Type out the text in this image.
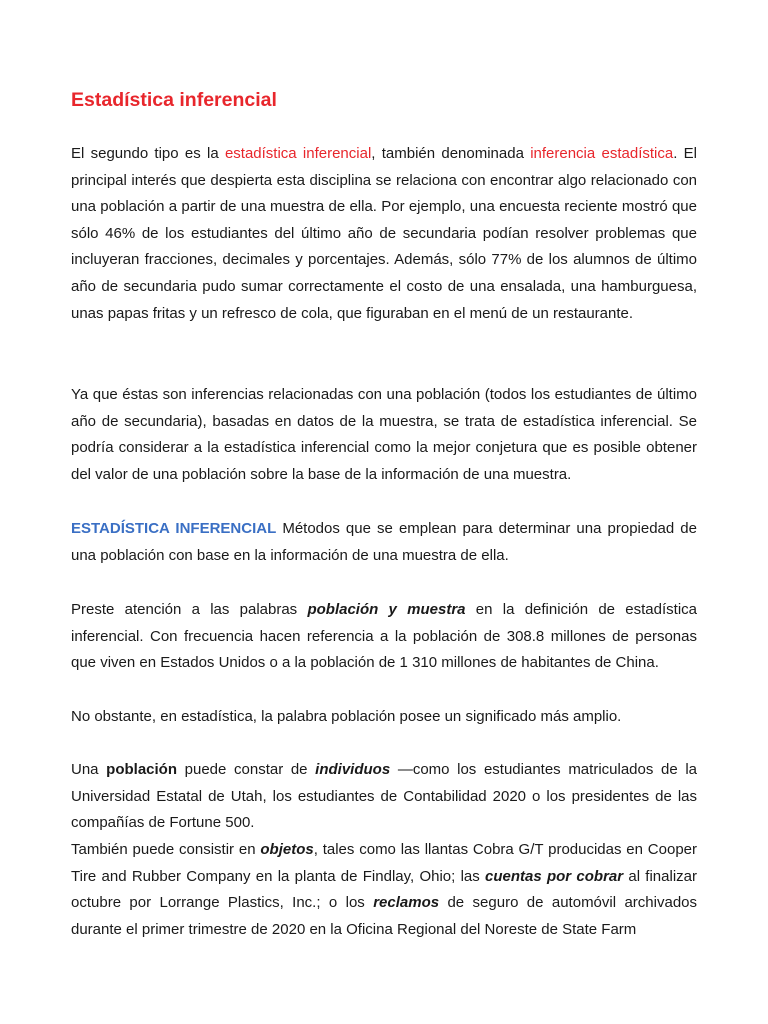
Estadística inferencial

El segundo tipo es la estadística inferencial, también denominada inferencia estadística. El principal interés que despierta esta disciplina se relaciona con encontrar algo relacionado con una población a partir de una muestra de ella. Por ejemplo, una encuesta reciente mostró que sólo 46% de los estudiantes del último año de secundaria podían resolver problemas que incluyeran fracciones, decimales y porcentajes. Además, sólo 77% de los alumnos de último año de secundaria pudo sumar correctamente el costo de una ensalada, una hamburguesa, unas papas fritas y un refresco de cola, que figuraban en el menú de un restaurante.

Ya que éstas son inferencias relacionadas con una población (todos los estudiantes de último año de secundaria), basadas en datos de la muestra, se trata de estadística inferencial. Se podría considerar a la estadística inferencial como la mejor conjetura que es posible obtener del valor de una población sobre la base de la información de una muestra.

ESTADÍSTICA INFERENCIAL Métodos que se emplean para determinar una propiedad de una población con base en la información de una muestra de ella.

Preste atención a las palabras población y muestra en la definición de estadística inferencial. Con frecuencia hacen referencia a la población de 308.8 millones de personas que viven en Estados Unidos o a la población de 1 310 millones de habitantes de China.

No obstante, en estadística, la palabra población posee un significado más amplio.

Una población puede constar de individuos —como los estudiantes matriculados de la Universidad Estatal de Utah, los estudiantes de Contabilidad 2020 o los presidentes de las compañías de Fortune 500.

También puede consistir en objetos, tales como las llantas Cobra G/T producidas en Cooper Tire and Rubber Company en la planta de Findlay, Ohio; las cuentas por cobrar al finalizar octubre por Lorrange Plastics, Inc.; o los reclamos de seguro de automóvil archivados durante el primer trimestre de 2020 en la Oficina Regional del Noreste de State Farm
